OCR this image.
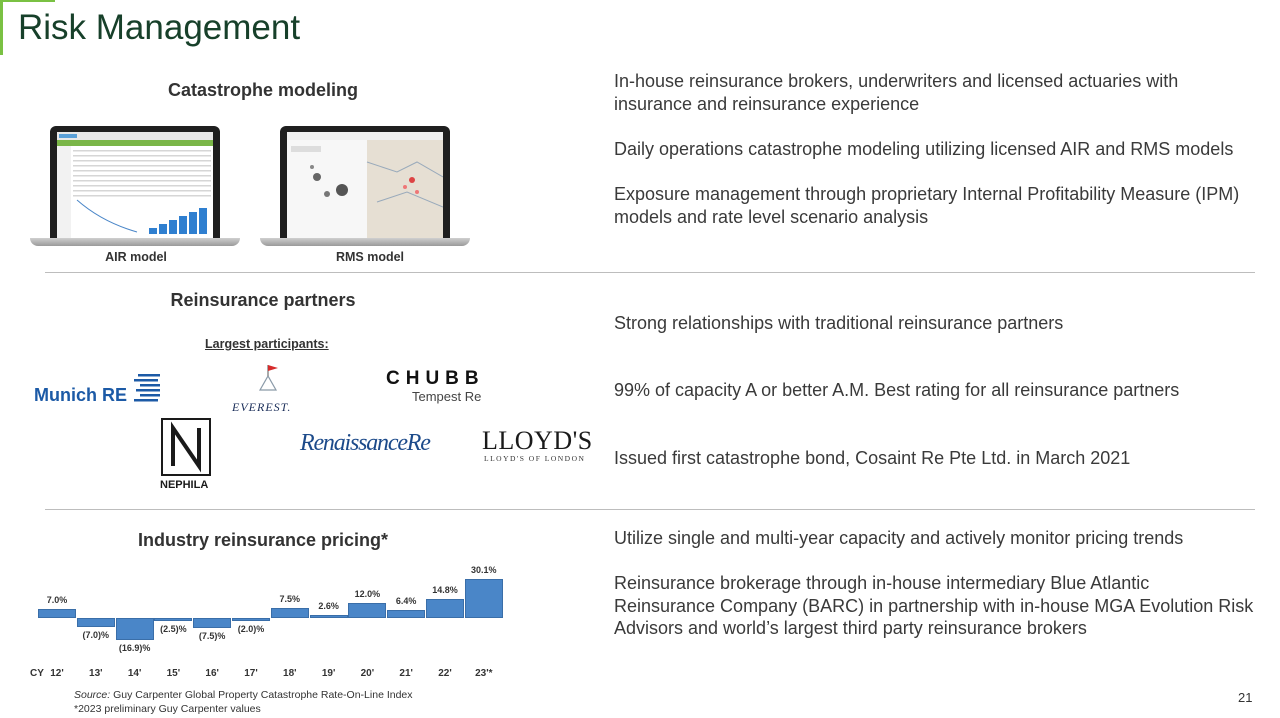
Risk Management
Catastrophe modeling
AIR model	RMS model
In-house reinsurance brokers, underwriters and licensed actuaries with insurance and reinsurance experience
Daily operations catastrophe modeling utilizing licensed AIR and RMS models
Exposure management through proprietary Internal Profitability Measure (IPM) models and rate level scenario analysis
Reinsurance partners
Largest participants:
Munich RE
EVEREST.
CHUBB
Tempest Re
NEPHILA
RenaissanceRe LLOYD'S
LLOYD'S OF LONDON
Strong relationships with traditional reinsurance partners
99% of capacity A or better A.M. Best rating for all reinsurance partners
Issued first catastrophe bond, Cosaint Re Pte Ltd. in March 2021
Industry reinsurance pricing*
7.0%
(7.0)%
(16.9)%
(2.5)%
(7.5)%
(2.0)%
7.5%
2.6%
12.0%
6.4%
14.8%
30.1%
12'	13'	14'	15'	16'	17'	18'	19'	20'	21'	22'	23'*
CY
Source: Guy Carpenter Global Property Catastrophe Rate-On-Line Index
*2023 preliminary Guy Carpenter values
Utilize single and multi-year capacity and actively monitor pricing trends
Reinsurance brokerage through in-house intermediary Blue Atlantic Reinsurance Company (BARC) in partnership with in-house MGA Evolution Risk Advisors and world’s largest third party reinsurance brokers
21
